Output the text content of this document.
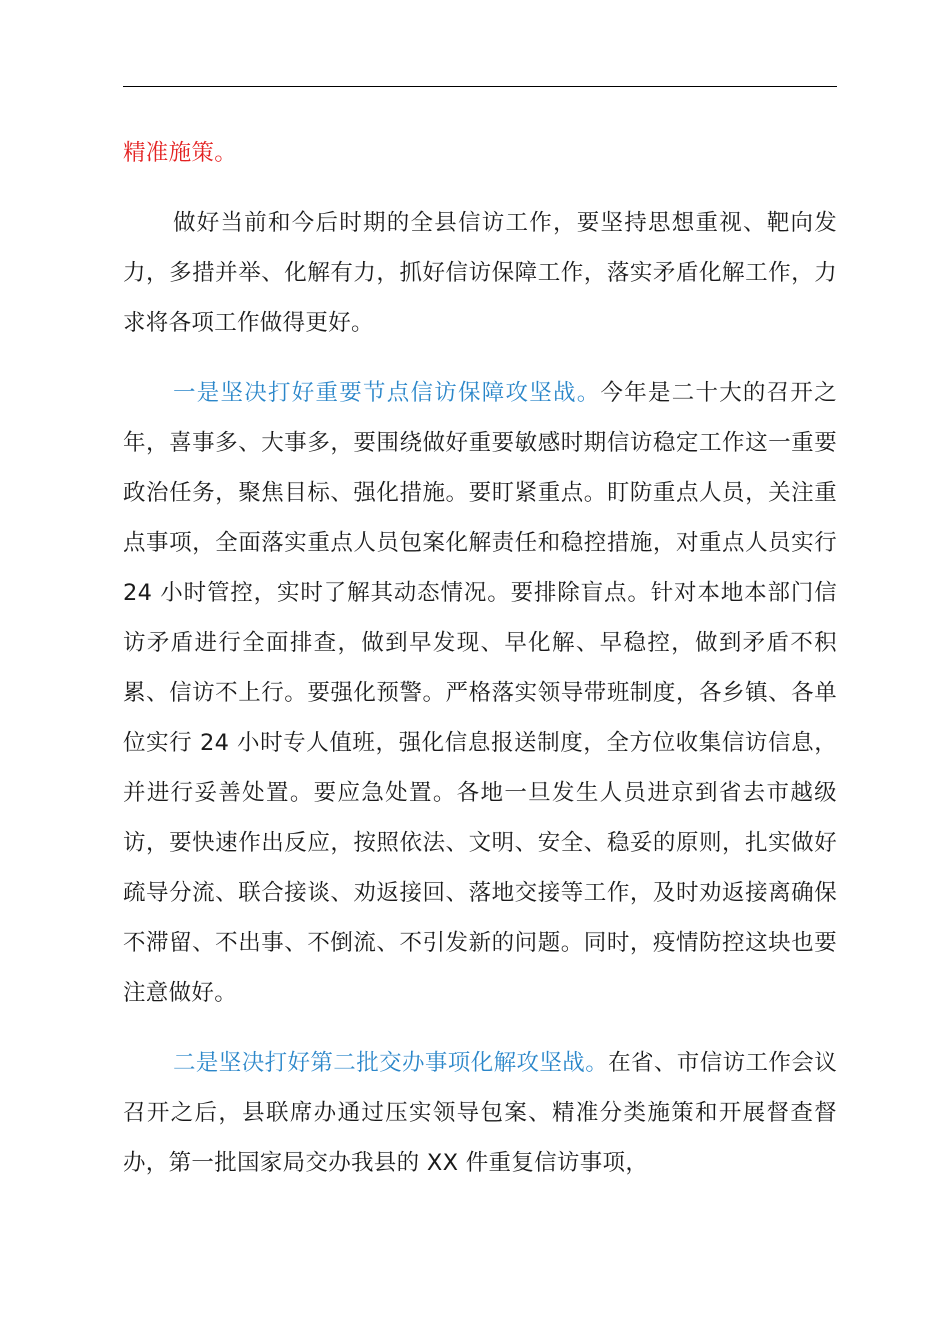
精准施策。

做好当前和今后时期的全县信访工作，要坚持思想重视、靶向发力，多措并举、化解有力，抓好信访保障工作，落实矛盾化解工作，力求将各项工作做得更好。

一是坚决打好重要节点信访保障攻坚战。今年是二十大的召开之年，喜事多、大事多，要围绕做好重要敏感时期信访稳定工作这一重要政治任务，聚焦目标、强化措施。要盯紧重点。盯防重点人员，关注重点事项，全面落实重点人员包案化解责任和稳控措施，对重点人员实行 24 小时管控，实时了解其动态情况。要排除盲点。针对本地本部门信访矛盾进行全面排查，做到早发现、早化解、早稳控，做到矛盾不积累、信访不上行。要强化预警。严格落实领导带班制度，各乡镇、各单位实行 24 小时专人值班，强化信息报送制度，全方位收集信访信息，并进行妥善处置。要应急处置。各地一旦发生人员进京到省去市越级访，要快速作出反应，按照依法、文明、安全、稳妥的原则，扎实做好疏导分流、联合接谈、劝返接回、落地交接等工作，及时劝返接离确保不滞留、不出事、不倒流、不引发新的问题。同时，疫情防控这块也要注意做好。

二是坚决打好第二批交办事项化解攻坚战。在省、市信访工作会议召开之后，县联席办通过压实领导包案、精准分类施策和开展督查督办，第一批国家局交办我县的 XX 件重复信访事项，
